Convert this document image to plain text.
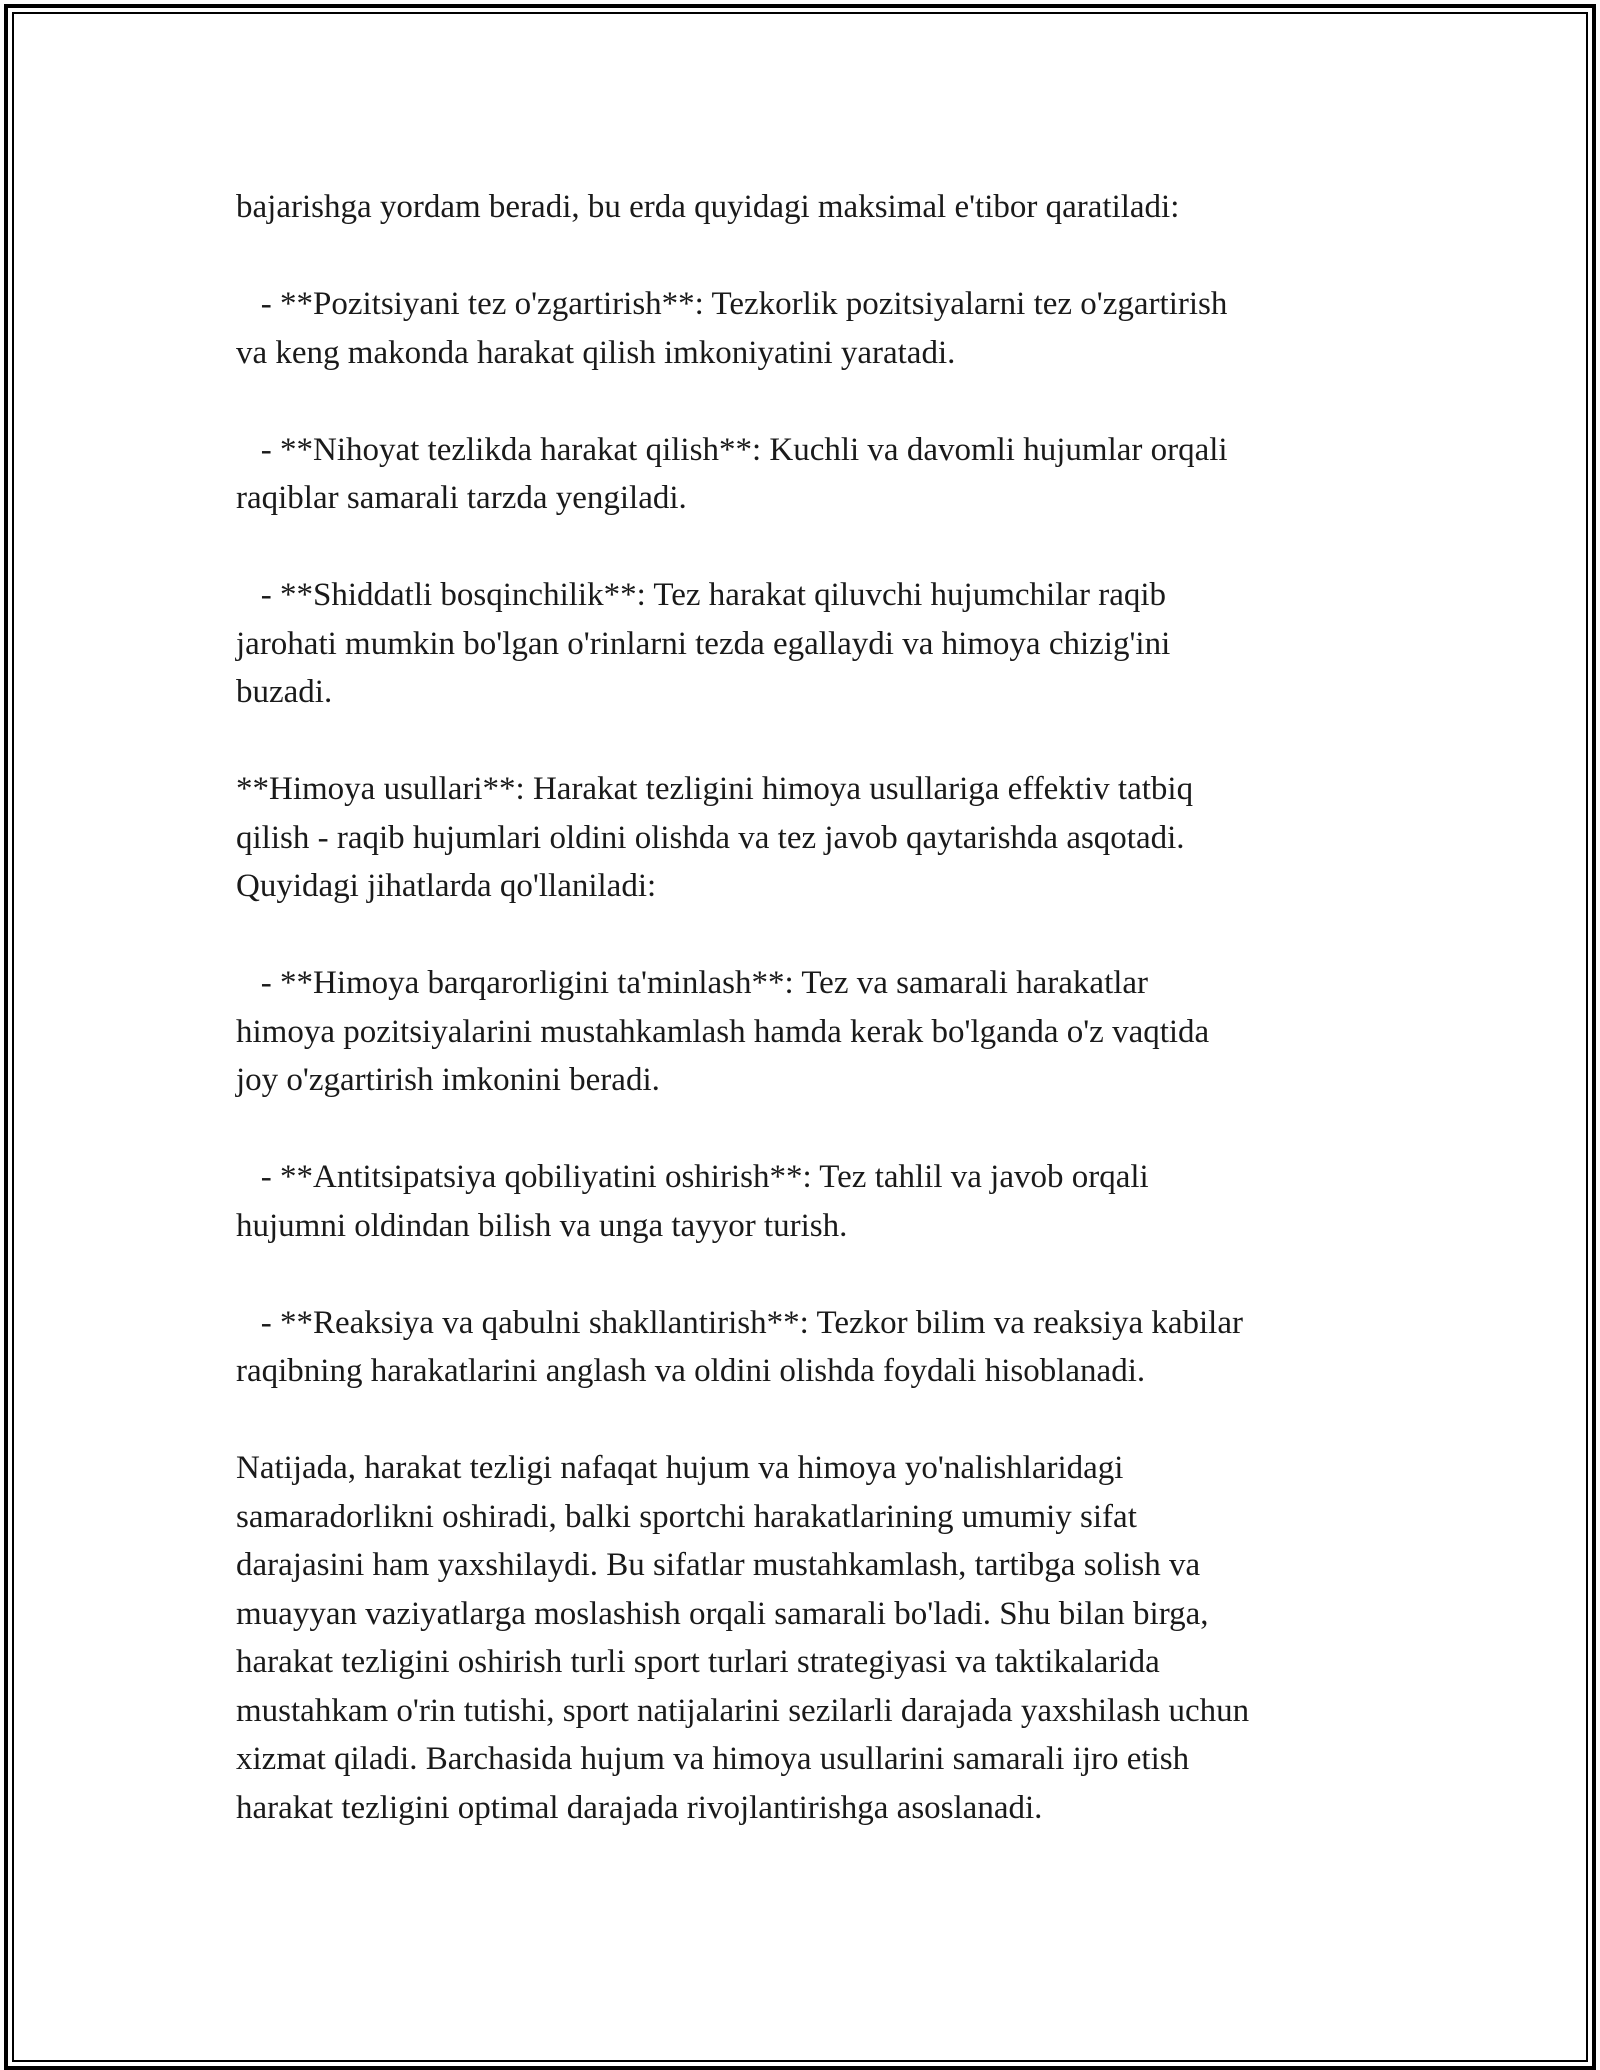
bajarishga yordam beradi, bu erda quyidagi maksimal e'tibor qaratiladi:

- **Pozitsiyani tez o'zgartirish**: Tezkorlik pozitsiyalarni tez o'zgartirish
va keng makonda harakat qilish imkoniyatini yaratadi.

- **Nihoyat tezlikda harakat qilish**: Kuchli va davomli hujumlar orqali
raqiblar samarali tarzda yengiladi.

- **Shiddatli bosqinchilik**: Tez harakat qiluvchi hujumchilar raqib
jarohati mumkin bo'lgan o'rinlarni tezda egallaydi va himoya chizig'ini
buzadi.

**Himoya usullari**: Harakat tezligini himoya usullariga effektiv tatbiq
qilish - raqib hujumlari oldini olishda va tez javob qaytarishda asqotadi.
Quyidagi jihatlarda qo'llaniladi:

- **Himoya barqarorligini ta'minlash**: Tez va samarali harakatlar
himoya pozitsiyalarini mustahkamlash hamda kerak bo'lganda o'z vaqtida
joy o'zgartirish imkonini beradi.

- **Antitsipatsiya qobiliyatini oshirish**: Tez tahlil va javob orqali
hujumni oldindan bilish va unga tayyor turish.

- **Reaksiya va qabulni shakllantirish**: Tezkor bilim va reaksiya kabilar
raqibning harakatlarini anglash va oldini olishda foydali hisoblanadi.

Natijada, harakat tezligi nafaqat hujum va himoya yo'nalishlaridagi
samaradorlikni oshiradi, balki sportchi harakatlarining umumiy sifat
darajasini ham yaxshilaydi. Bu sifatlar mustahkamlash, tartibga solish va
muayyan vaziyatlarga moslashish orqali samarali bo'ladi. Shu bilan birga,
harakat tezligini oshirish turli sport turlari strategiyasi va taktikalarida
mustahkam o'rin tutishi, sport natijalarini sezilarli darajada yaxshilash uchun
xizmat qiladi. Barchasida hujum va himoya usullarini samarali ijro etish
harakat tezligini optimal darajada rivojlantirishga asoslanadi.
